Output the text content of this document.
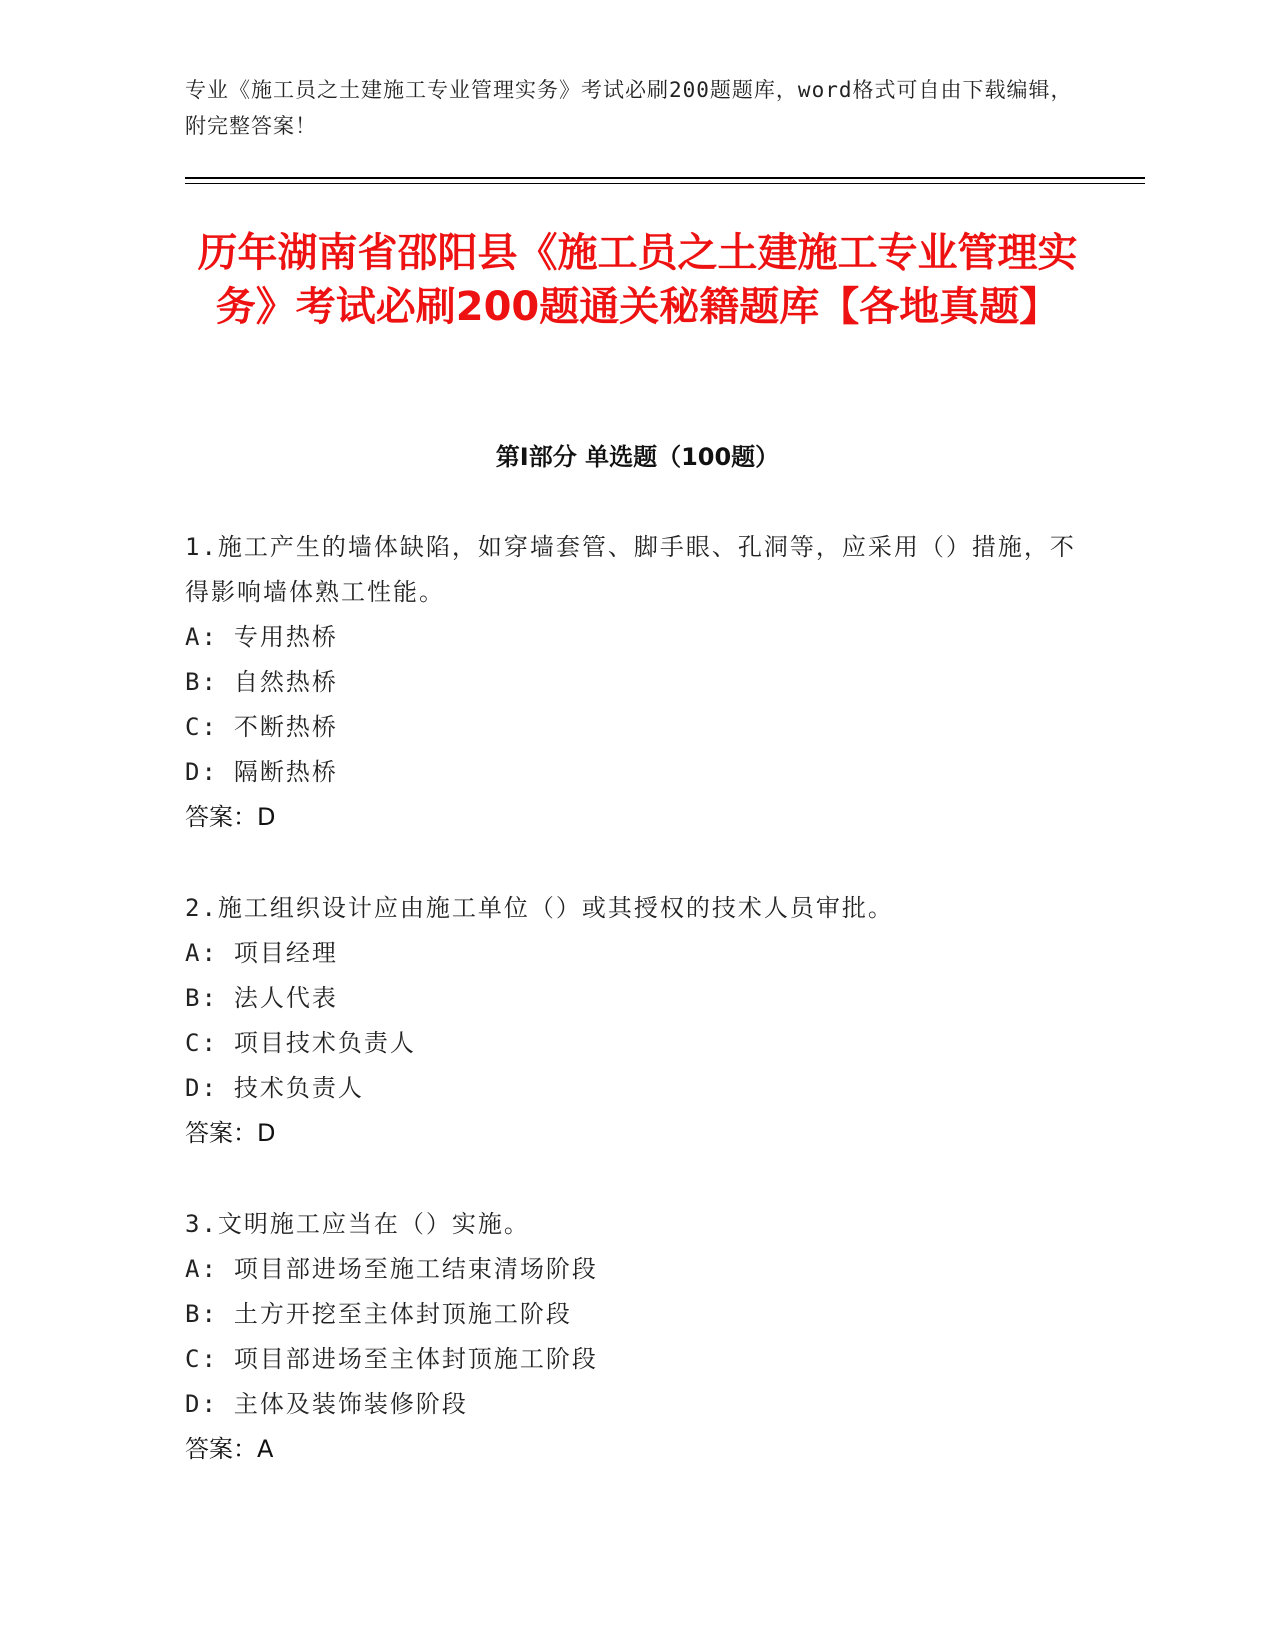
专业《施工员之土建施工专业管理实务》考试必刷200题题库，word格式可自由下载编辑，附完整答案！
历年湖南省邵阳县《施工员之土建施工专业管理实务》考试必刷200题通关秘籍题库【各地真题】
第I部分 单选题（100题）

1.施工产生的墙体缺陷，如穿墙套管、脚手眼、孔洞等，应采用（）措施，不得影响墙体熟工性能。

A: 专用热桥

B: 自然热桥

C: 不断热桥

D: 隔断热桥

答案：D

2.施工组织设计应由施工单位（）或其授权的技术人员审批。

A: 项目经理

B: 法人代表

C: 项目技术负责人

D: 技术负责人

答案：D

3.文明施工应当在（）实施。

A: 项目部进场至施工结束清场阶段

B: 土方开挖至主体封顶施工阶段

C: 项目部进场至主体封顶施工阶段

D: 主体及装饰装修阶段

答案：A
